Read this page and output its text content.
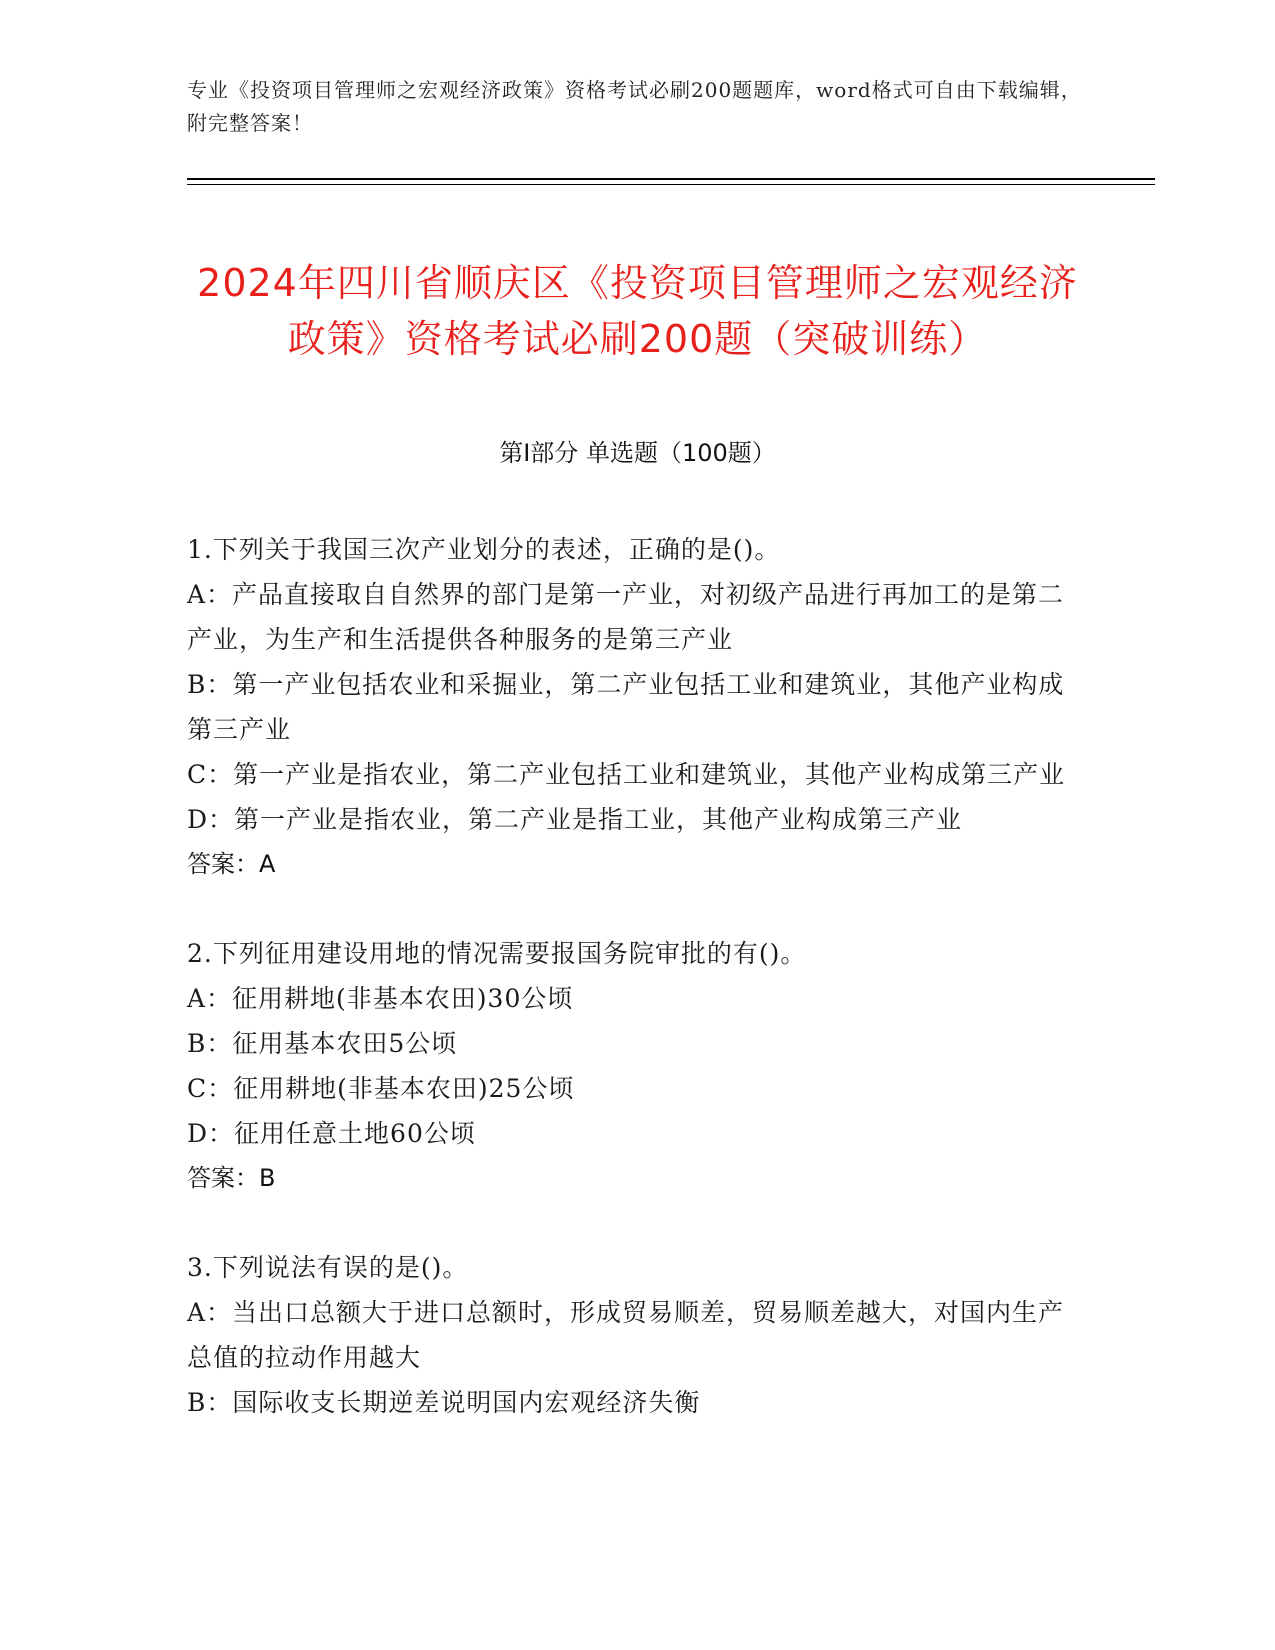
专业《投资项目管理师之宏观经济政策》资格考试必刷200题题库，word格式可自由下载编辑，附完整答案！
2024年四川省顺庆区《投资项目管理师之宏观经济政策》资格考试必刷200题（突破训练）
第Ⅰ部分 单选题（100题）

1.下列关于我国三次产业划分的表述，正确的是()。

A：产品直接取自自然界的部门是第一产业，对初级产品进行再加工的是第二产业，为生产和生活提供各种服务的是第三产业

B：第一产业包括农业和采掘业，第二产业包括工业和建筑业，其他产业构成第三产业

C：第一产业是指农业，第二产业包括工业和建筑业，其他产业构成第三产业

D：第一产业是指农业，第二产业是指工业，其他产业构成第三产业

答案：A

2.下列征用建设用地的情况需要报国务院审批的有()。

A：征用耕地(非基本农田)30公顷

B：征用基本农田5公顷

C：征用耕地(非基本农田)25公顷

D：征用任意土地60公顷

答案：B

3.下列说法有误的是()。

A：当出口总额大于进口总额时，形成贸易顺差，贸易顺差越大，对国内生产总值的拉动作用越大

B：国际收支长期逆差说明国内宏观经济失衡
